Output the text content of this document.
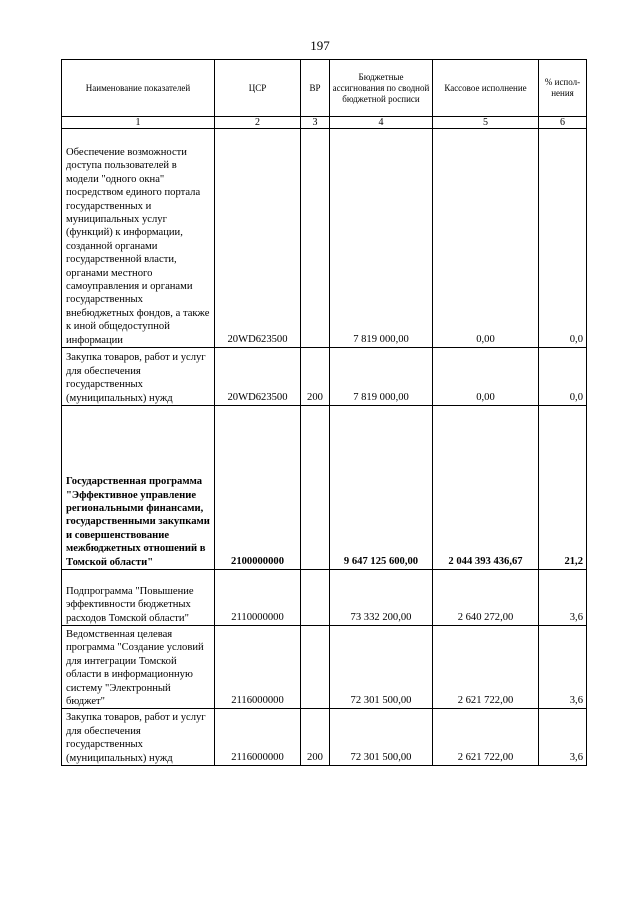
197
Наименование показателей	ЦСР	ВР	Бюджетные ассигнования по сводной бюджетной росписи	Кассовое исполнение	% испол-нения
1	2	3	4	5	6
Обеспечение возможности доступа пользователей в модели "одного окна" посредством единого портала государственных и муниципальных услуг (функций) к информации, созданной органами государственной власти, органами местного самоуправления и органами государственных внебюджетных фондов, а также к иной общедоступной информации	20WD623500		7 819 000,00	0,00	0,0
Закупка товаров, работ и услуг для обеспечения государственных (муниципальных) нужд	20WD623500	200	7 819 000,00	0,00	0,0
Государственная программа "Эффективное управление региональными финансами, государственными закупками и совершенствование межбюджетных отношений в Томской области"	2100000000		9 647 125 600,00	2 044 393 436,67	21,2
Подпрограмма "Повышение эффективности бюджетных расходов Томской области"	2110000000		73 332 200,00	2 640 272,00	3,6
Ведомственная целевая программа "Создание условий для интеграции Томской области в информационную систему "Электронный бюджет"	2116000000		72 301 500,00	2 621 722,00	3,6
Закупка товаров, работ и услуг для обеспечения государственных (муниципальных) нужд	2116000000	200	72 301 500,00	2 621 722,00	3,6
